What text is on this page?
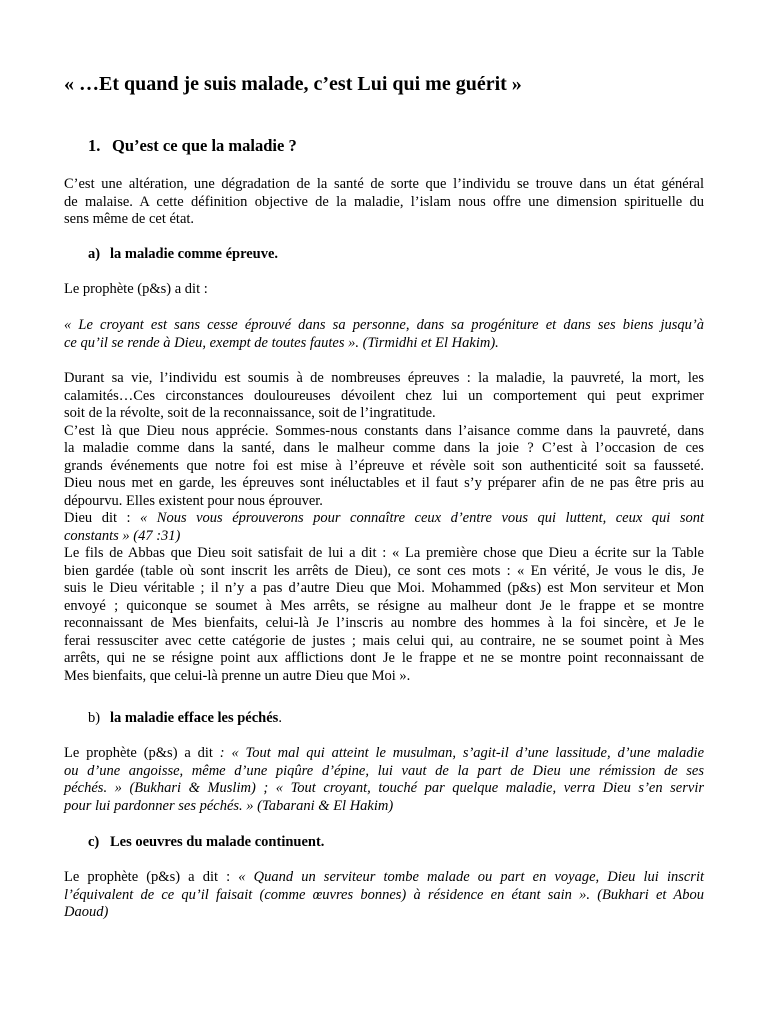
« …Et quand je suis malade, c’est Lui qui me guérit »
1. Qu’est ce que la maladie ?

C’est une altération, une dégradation de la santé de sorte que l’individu se trouve dans un état général
de malaise. A cette définition objective de la maladie, l’islam nous offre une dimension spirituelle du
sens même de cet état.

a) la maladie comme épreuve.

Le prophète (p&s) a dit :

« Le croyant est sans cesse éprouvé dans sa personne, dans sa progéniture et dans ses biens jusqu’à
ce qu’il se rende à Dieu, exempt de toutes fautes ». (Tirmidhi et El Hakim).

Durant sa vie, l’individu est soumis à de nombreuses épreuves : la maladie, la pauvreté, la mort, les
calamités…Ces circonstances douloureuses dévoilent chez lui un comportement qui peut exprimer
soit de la révolte, soit de la reconnaissance, soit de l’ingratitude.
C’est là que Dieu nous apprécie. Sommes-nous constants dans l’aisance comme dans la pauvreté, dans
la maladie comme dans la santé, dans le malheur comme dans la joie ? C’est à l’occasion de ces
grands événements que notre foi est mise à l’épreuve et révèle soit son authenticité soit sa fausseté.
Dieu nous met en garde, les épreuves sont inéluctables et il faut s’y préparer afin de ne pas être pris au
dépourvu. Elles existent pour nous éprouver.
Dieu dit : « Nous vous éprouverons pour connaître ceux d’entre vous qui luttent, ceux qui sont
constants » (47 :31)
Le fils de Abbas que Dieu soit satisfait de lui a dit : « La première chose que Dieu a écrite sur la Table
bien gardée (table où sont inscrit les arrêts de Dieu), ce sont ces mots : « En vérité, Je vous le dis, Je
suis le Dieu véritable ; il n’y a pas d’autre Dieu que Moi. Mohammed (p&s) est Mon serviteur et Mon
envoyé ; quiconque se soumet à Mes arrêts, se résigne au malheur dont Je le frappe et se montre
reconnaissant de Mes bienfaits, celui-là Je l’inscris au nombre des hommes à la foi sincère, et Je le
ferai ressusciter avec cette catégorie de justes ; mais celui qui, au contraire, ne se soumet point à Mes
arrêts, qui ne se résigne point aux afflictions dont Je le frappe et ne se montre point reconnaissant de
Mes bienfaits, que celui-là prenne un autre Dieu que Moi ».

b) la maladie efface les péchés.

Le prophète (p&s) a dit : « Tout mal qui atteint le musulman, s’agit-il d’une lassitude, d’une maladie
ou d’une angoisse, même d’une piqûre d’épine, lui vaut de la part de Dieu une rémission de ses
péchés. » (Bukhari & Muslim) ; « Tout croyant, touché par quelque maladie, verra Dieu s’en servir
pour lui pardonner ses péchés. » (Tabarani & El Hakim)

c) Les oeuvres du malade continuent.

Le prophète (p&s) a dit : « Quand un serviteur tombe malade ou part en voyage, Dieu lui inscrit
l’équivalent de ce qu’il faisait (comme œuvres bonnes) à résidence en étant sain ». (Bukhari et Abou
Daoud)
